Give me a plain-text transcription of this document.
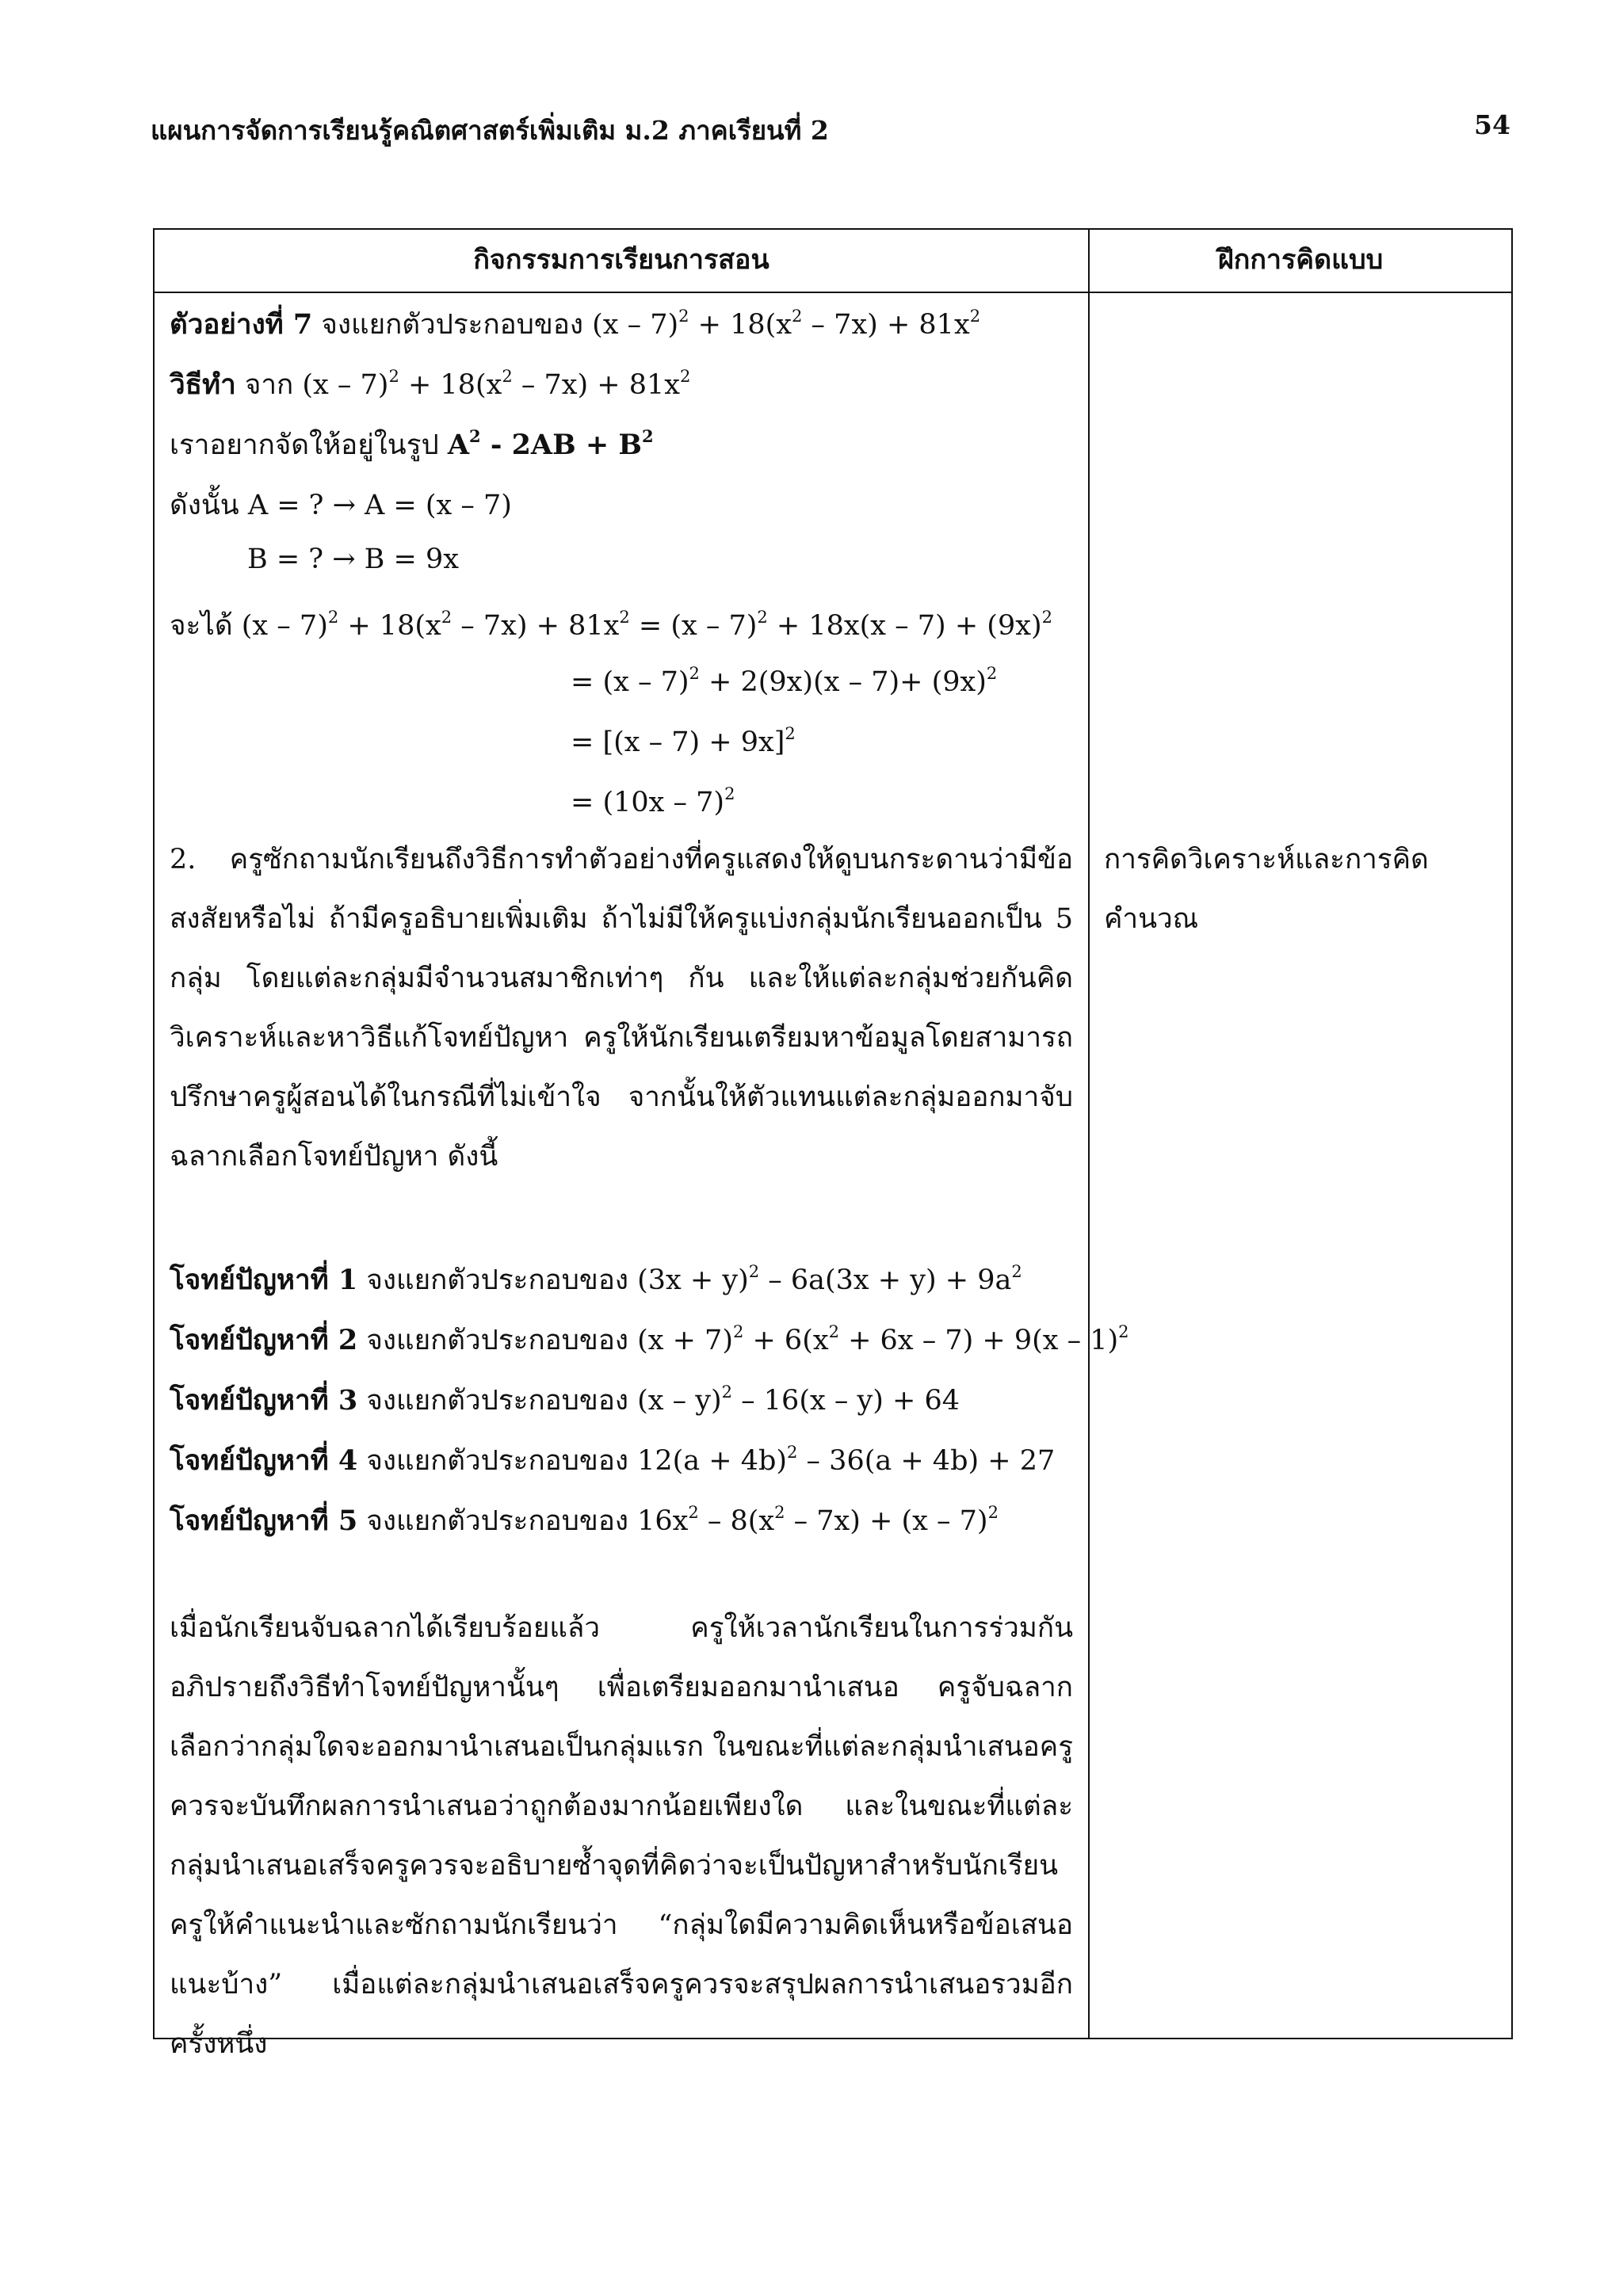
แผนการจัดการเรียนรู้คณิตศาสตร์เพิ่มเติม ม.2 ภาคเรียนที่ 2	54
กิจกรรมการเรียนการสอน	ฝึกการคิดแบบ
ตัวอย่างที่ 7 จงแยกตัวประกอบของ $(x - 7)^2 + 18(x^2 - 7x) + 81x^2$
วิธีทำ จาก $(x - 7)^2 + 18(x^2 - 7x) + 81x^2$
เราอยากจัดให้อยู่ในรูป $A^2 - 2AB + B^2$
ดังนั้น A = ? → A = (x – 7)
B = ? → B = 9x
จะได้ $(x - 7)^2 + 18(x^2 - 7x) + 81x^2 = (x - 7)^2 + 18x(x - 7) + (9x)^2$
= $(x - 7)^2 + 2(9x)(x - 7)+ (9x)^2$
= $[(x - 7) + 9x]^2$
= (10x – 7)$^2$
2. ครูซักถามนักเรียนถึงวิธีการทำตัวอย่างที่ครูแสดงให้ดูบนกระดานว่ามีข้อสงสัยหรือไม่ ถ้ามีครูอธิบายเพิ่มเติม ถ้าไม่มีให้ครูแบ่งกลุ่มนักเรียนออกเป็น 5 กลุ่ม โดยแต่ละกลุ่มมีจำนวนสมาชิกเท่าๆ กัน และให้แต่ละกลุ่มช่วยกันคิดวิเคราะห์และหาวิธีแก้โจทย์ปัญหา ครูให้นักเรียนเตรียมหาข้อมูลโดยสามารถปรึกษาครูผู้สอนได้ในกรณีที่ไม่เข้าใจ จากนั้นให้ตัวแทนแต่ละกลุ่มออกมาจับฉลากเลือกโจทย์ปัญหา ดังนี้
โจทย์ปัญหาที่ 1 จงแยกตัวประกอบของ $(3x + y)^2 - 6a(3x + y) + 9a^2$
โจทย์ปัญหาที่ 2 จงแยกตัวประกอบของ $(x + 7)^2 + 6(x^2 + 6x - 7) + 9(x - 1)^2$
โจทย์ปัญหาที่ 3 จงแยกตัวประกอบของ (x – y)$^2$ – 16(x – y) + 64
โจทย์ปัญหาที่ 4 จงแยกตัวประกอบของ $12(a + 4b)^2 - 36(a + 4b) + 27$
โจทย์ปัญหาที่ 5 จงแยกตัวประกอบของ $16x^2 - 8(x^2 - 7x) + (x - 7)^2$
เมื่อนักเรียนจับฉลากได้เรียบร้อยแล้ว ครูให้เวลานักเรียนในการร่วมกันอภิปรายถึงวิธีทำโจทย์ปัญหานั้นๆ เพื่อเตรียมออกมานำเสนอ ครูจับฉลากเลือกว่ากลุ่มใดจะออกมานำเสนอเป็นกลุ่มแรก ในขณะที่แต่ละกลุ่มนำเสนอครูควรจะบันทึกผลการนำเสนอว่าถูกต้องมากน้อยเพียงใด และในขณะที่แต่ละกลุ่มนำเสนอเสร็จครูควรจะอธิบายซ้ำจุดที่คิดว่าจะเป็นปัญหาสำหรับนักเรียน ครูให้คำแนะนำและซักถามนักเรียนว่า “กลุ่มใดมีความคิดเห็นหรือข้อเสนอแนะบ้าง” เมื่อแต่ละกลุ่มนำเสนอเสร็จครูควรจะสรุปผลการนำเสนอรวมอีกครั้งหนึ่ง
การคิดวิเคราะห์และการคิดคำนวณ
